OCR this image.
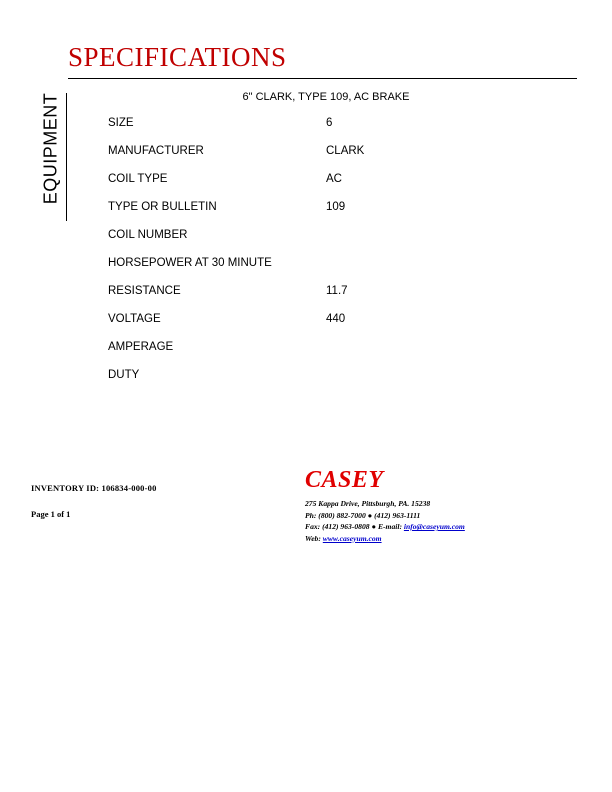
SPECIFICATIONS
EQUIPMENT	6" CLARK, TYPE 109, AC BRAKE
SIZE	6
MANUFACTURER	CLARK
COIL TYPE	AC
TYPE OR BULLETIN	109
COIL NUMBER
HORSEPOWER AT 30 MINUTE
RESISTANCE	11.7
VOLTAGE	440
AMPERAGE
DUTY
INVENTORY ID: 106834-000-00
Page 1 of 1
CASEY
275 Kappa Drive, Pittsburgh, PA. 15238
Ph: (800) 882-7000 ● (412) 963-1111
Fax: (412) 963-0808 ● E-mail: info@caseyum.com
Web: www.caseyum.com
